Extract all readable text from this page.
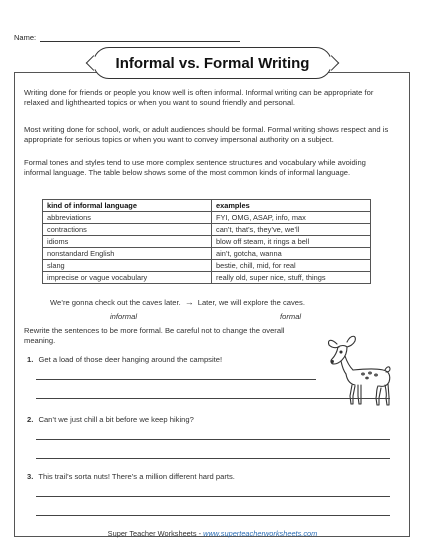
Name:
Informal vs. Formal Writing

Writing done for friends or people you know well is often informal. Informal writing can be appropriate for relaxed and lighthearted topics or when you want to sound friendly and personal.

Most writing done for school, work, or adult audiences should be formal. Formal writing shows respect and is appropriate for serious topics or when you want to convey impersonal authority on a subject.

Formal tones and styles tend to use more complex sentence structures and vocabulary while avoiding informal language. The table below shows some of the most common kinds of informal language.

kind of informal language	examples
abbreviations	FYI, OMG, ASAP, info, max
contractions	can’t, that’s, they’ve, we’ll
idioms	blow off steam, it rings a bell
nonstandard English	ain’t, gotcha, wanna
slang	bestie, chill, mid, for real
imprecise or vague vocabulary	really old, super nice, stuff, things
We’re gonna check out the caves later. → Later, we will explore the caves.
informal	formal
Rewrite the sentences to be more formal. Be careful not to change the overall meaning.
1. Get a load of those deer hanging around the campsite!
2. Can’t we just chill a bit before we keep hiking?
3. This trail’s sorta nuts! There’s a million different hard parts.
Super Teacher Worksheets - www.superteacherworksheets.com
